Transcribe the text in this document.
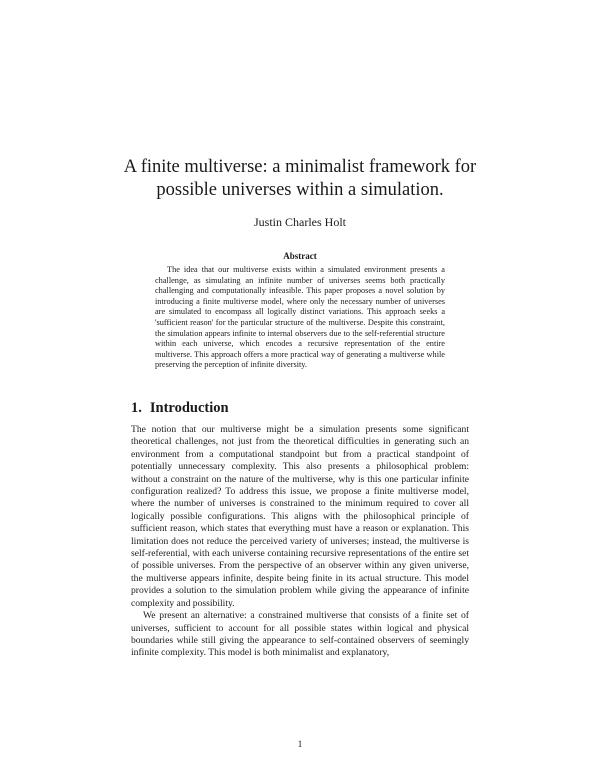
A finite multiverse: a minimalist framework for possible universes within a simulation.
Justin Charles Holt
Abstract

The idea that our multiverse exists within a simulated environment presents a challenge, as simulating an infinite number of universes seems both practically challenging and computationally infeasible. This paper proposes a novel solution by introducing a finite multiverse model, where only the necessary number of universes are simulated to encompass all logically distinct variations. This approach seeks a 'sufficient reason' for the particular structure of the multiverse. Despite this constraint, the simulation appears infinite to internal observers due to the self-referential structure within each universe, which encodes a recursive representation of the entire multiverse. This approach offers a more practical way of generating a multiverse while preserving the perception of infinite diversity.

1. Introduction

The notion that our multiverse might be a simulation presents some significant theoretical challenges, not just from the theoretical difficulties in generating such an environment from a computational standpoint but from a practical standpoint of potentially unnecessary complexity. This also presents a philosophical problem: without a constraint on the nature of the multiverse, why is this one particular infinite configuration realized? To address this issue, we propose a finite multiverse model, where the number of universes is constrained to the minimum required to cover all logically possible configurations. This aligns with the philosophical principle of sufficient reason, which states that everything must have a reason or explanation. This limitation does not reduce the perceived variety of universes; instead, the multiverse is self-referential, with each universe containing recursive representations of the entire set of possible universes. From the perspective of an observer within any given universe, the multiverse appears infinite, despite being finite in its actual structure. This model provides a solution to the simulation problem while giving the appearance of infinite complexity and possibility.

We present an alternative: a constrained multiverse that consists of a finite set of universes, sufficient to account for all possible states within logical and physical boundaries while still giving the appearance to self-contained observers of seemingly infinite complexity. This model is both minimalist and explanatory,

1
